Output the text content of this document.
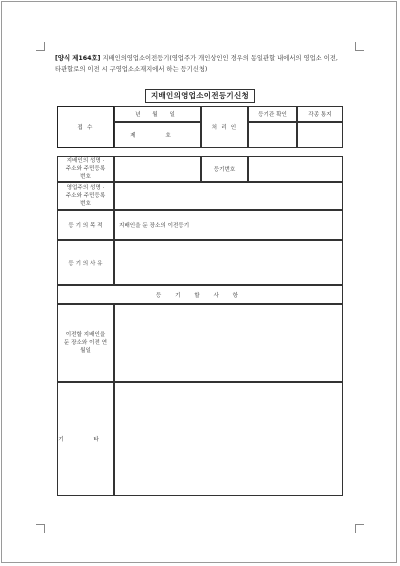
[양식 제164호] 지배인의영업소이전등기(영업주가 개인상인인 경우의 동일관할 내에서의 영업소 이전, 타관할로의 이전 시 구영업소소재지에서 하는 등기신청)
지배인의영업소이전등기신청
접 수
년 월 일
제 호
처 리 인
등기관 확인	각종 통지
지배인의 성명 · 주소와 주민등록번호
등기번호
영업주의 성명 · 주소와 주민등록번호
등 기 의 목 적	지배인을 둔 장소의 이전등기
등 기 의 사 유
등 기 할 사 항
이전할 지배인을 둔 장소와 이전 연월일
기 타
